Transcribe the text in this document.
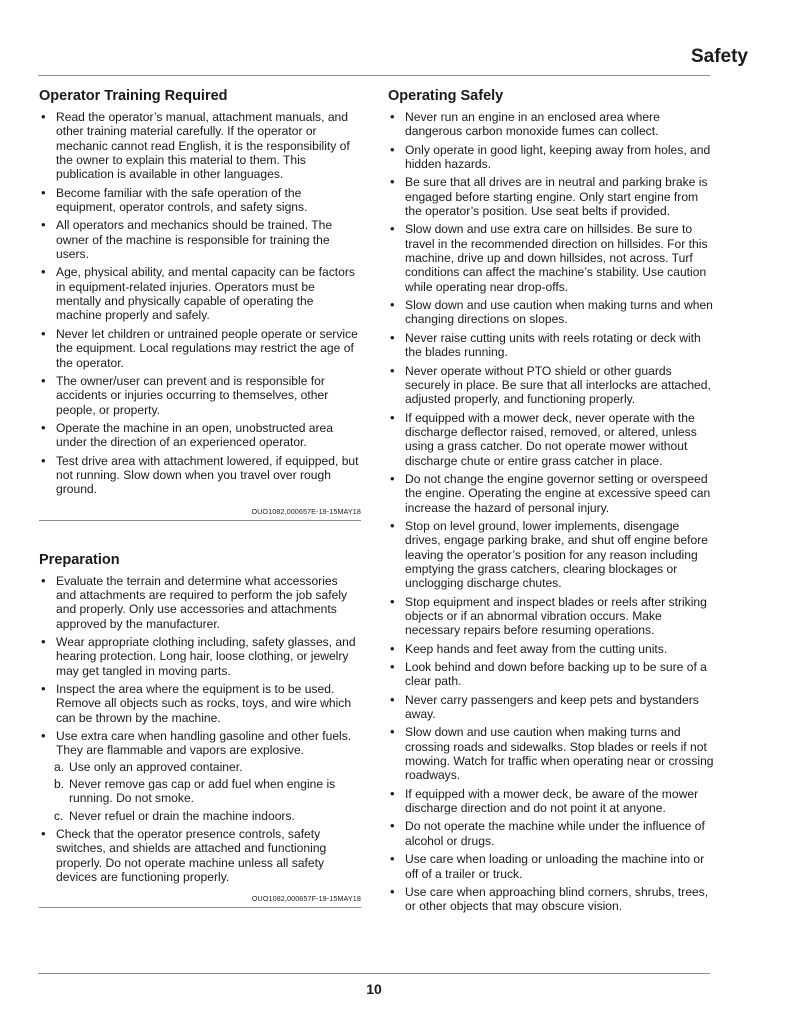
Safety
Operator Training Required
• Read the operator’s manual, attachment manuals, and other training material carefully. If the operator or mechanic cannot read English, it is the responsibility of the owner to explain this material to them. This publication is available in other languages.
• Become familiar with the safe operation of the equipment, operator controls, and safety signs.
• All operators and mechanics should be trained. The owner of the machine is responsible for training the users.
• Age, physical ability, and mental capacity can be factors in equipment-related injuries. Operators must be mentally and physically capable of operating the machine properly and safely.
• Never let children or untrained people operate or service the equipment. Local regulations may restrict the age of the operator.
• The owner/user can prevent and is responsible for accidents or injuries occurring to themselves, other people, or property.
• Operate the machine in an open, unobstructed area under the direction of an experienced operator.
• Test drive area with attachment lowered, if equipped, but not running. Slow down when you travel over rough ground.
OUO1082,000657E-19-15MAY18
Preparation
• Evaluate the terrain and determine what accessories and attachments are required to perform the job safely and properly. Only use accessories and attachments approved by the manufacturer.
• Wear appropriate clothing including, safety glasses, and hearing protection. Long hair, loose clothing, or jewelry may get tangled in moving parts.
• Inspect the area where the equipment is to be used. Remove all objects such as rocks, toys, and wire which can be thrown by the machine.
• Use extra care when handling gasoline and other fuels. They are flammable and vapors are explosive.
a. Use only an approved container.
b. Never remove gas cap or add fuel when engine is running. Do not smoke.
c. Never refuel or drain the machine indoors.
• Check that the operator presence controls, safety switches, and shields are attached and functioning properly. Do not operate machine unless all safety devices are functioning properly.
OUO1082,000657F-19-15MAY18
Operating Safely
• Never run an engine in an enclosed area where dangerous carbon monoxide fumes can collect.
• Only operate in good light, keeping away from holes, and hidden hazards.
• Be sure that all drives are in neutral and parking brake is engaged before starting engine. Only start engine from the operator’s position. Use seat belts if provided.
• Slow down and use extra care on hillsides. Be sure to travel in the recommended direction on hillsides. For this machine, drive up and down hillsides, not across. Turf conditions can affect the machine’s stability. Use caution while operating near drop-offs.
• Slow down and use caution when making turns and when changing directions on slopes.
• Never raise cutting units with reels rotating or deck with the blades running.
• Never operate without PTO shield or other guards securely in place. Be sure that all interlocks are attached, adjusted properly, and functioning properly.
• If equipped with a mower deck, never operate with the discharge deflector raised, removed, or altered, unless using a grass catcher. Do not operate mower without discharge chute or entire grass catcher in place.
• Do not change the engine governor setting or overspeed the engine. Operating the engine at excessive speed can increase the hazard of personal injury.
• Stop on level ground, lower implements, disengage drives, engage parking brake, and shut off engine before leaving the operator’s position for any reason including emptying the grass catchers, clearing blockages or unclogging discharge chutes.
• Stop equipment and inspect blades or reels after striking objects or if an abnormal vibration occurs. Make necessary repairs before resuming operations.
• Keep hands and feet away from the cutting units.
• Look behind and down before backing up to be sure of a clear path.
• Never carry passengers and keep pets and bystanders away.
• Slow down and use caution when making turns and crossing roads and sidewalks. Stop blades or reels if not mowing. Watch for traffic when operating near or crossing roadways.
• If equipped with a mower deck, be aware of the mower discharge direction and do not point it at anyone.
• Do not operate the machine while under the influence of alcohol or drugs.
• Use care when loading or unloading the machine into or off of a trailer or truck.
• Use care when approaching blind corners, shrubs, trees, or other objects that may obscure vision.
10
